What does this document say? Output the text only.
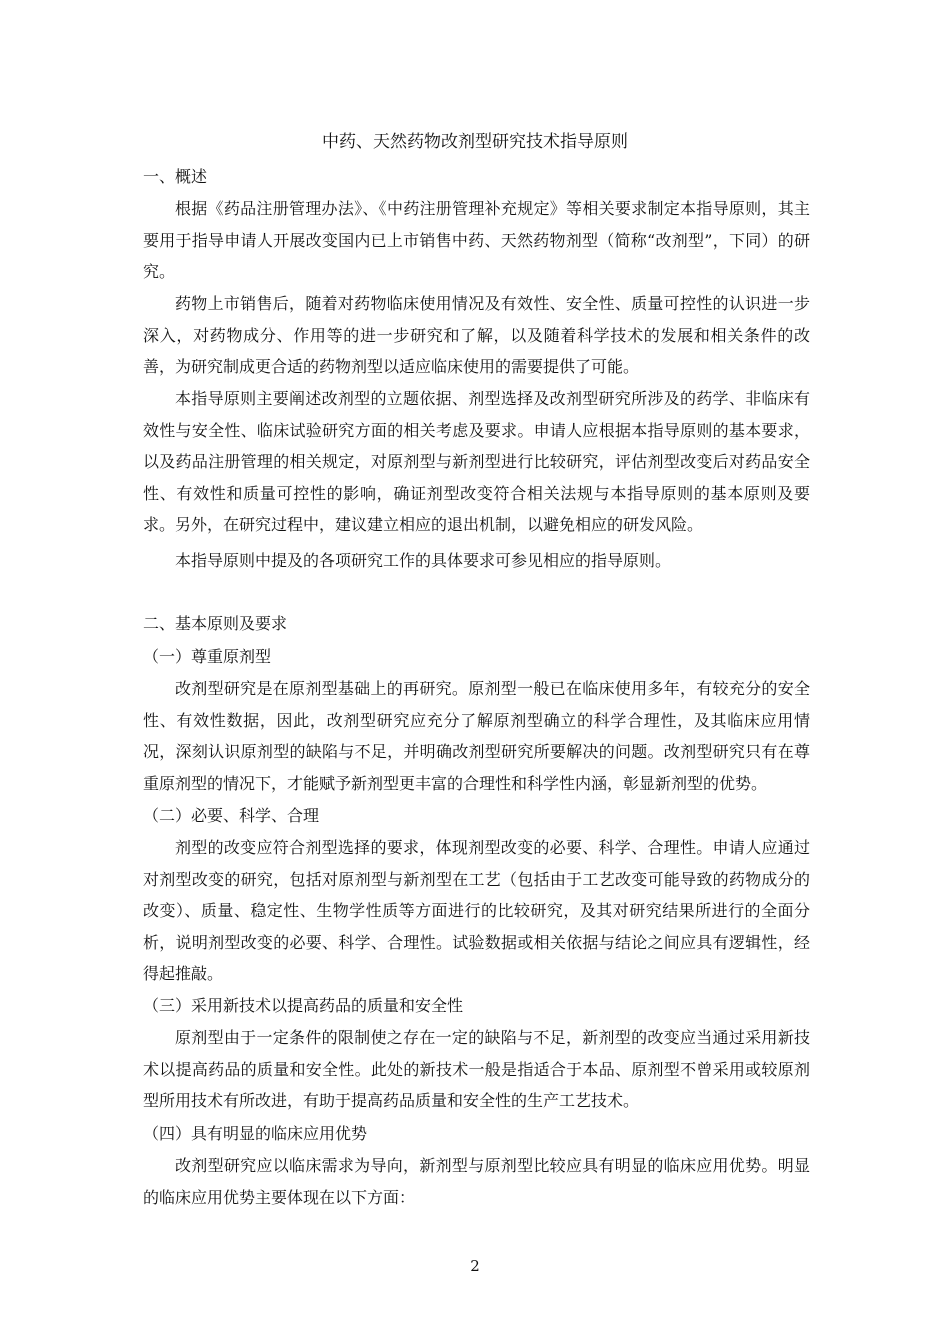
中药、天然药物改剂型研究技术指导原则
一、概述
根据《药品注册管理办法》、《中药注册管理补充规定》等相关要求制定本指导原则，其主要用于指导申请人开展改变国内已上市销售中药、天然药物剂型（简称“改剂型”，下同）的研究。
药物上市销售后，随着对药物临床使用情况及有效性、安全性、质量可控性的认识进一步深入，对药物成分、作用等的进一步研究和了解，以及随着科学技术的发展和相关条件的改善，为研究制成更合适的药物剂型以适应临床使用的需要提供了可能。
本指导原则主要阐述改剂型的立题依据、剂型选择及改剂型研究所涉及的药学、非临床有效性与安全性、临床试验研究方面的相关考虑及要求。申请人应根据本指导原则的基本要求，以及药品注册管理的相关规定，对原剂型与新剂型进行比较研究，评估剂型改变后对药品安全性、有效性和质量可控性的影响，确证剂型改变符合相关法规与本指导原则的基本原则及要求。另外，在研究过程中，建议建立相应的退出机制，以避免相应的研发风险。
本指导原则中提及的各项研究工作的具体要求可参见相应的指导原则。
二、基本原则及要求
（一）尊重原剂型
改剂型研究是在原剂型基础上的再研究。原剂型一般已在临床使用多年，有较充分的安全性、有效性数据，因此，改剂型研究应充分了解原剂型确立的科学合理性，及其临床应用情况，深刻认识原剂型的缺陷与不足，并明确改剂型研究所要解决的问题。改剂型研究只有在尊重原剂型的情况下，才能赋予新剂型更丰富的合理性和科学性内涵，彰显新剂型的优势。
（二）必要、科学、合理
剂型的改变应符合剂型选择的要求，体现剂型改变的必要、科学、合理性。申请人应通过对剂型改变的研究，包括对原剂型与新剂型在工艺（包括由于工艺改变可能导致的药物成分的改变）、质量、稳定性、生物学性质等方面进行的比较研究，及其对研究结果所进行的全面分析，说明剂型改变的必要、科学、合理性。试验数据或相关依据与结论之间应具有逻辑性，经得起推敲。
（三）采用新技术以提高药品的质量和安全性
原剂型由于一定条件的限制使之存在一定的缺陷与不足，新剂型的改变应当通过采用新技术以提高药品的质量和安全性。此处的新技术一般是指适合于本品、原剂型不曾采用或较原剂型所用技术有所改进，有助于提高药品质量和安全性的生产工艺技术。
（四）具有明显的临床应用优势
改剂型研究应以临床需求为导向，新剂型与原剂型比较应具有明显的临床应用优势。明显的临床应用优势主要体现在以下方面：
2
